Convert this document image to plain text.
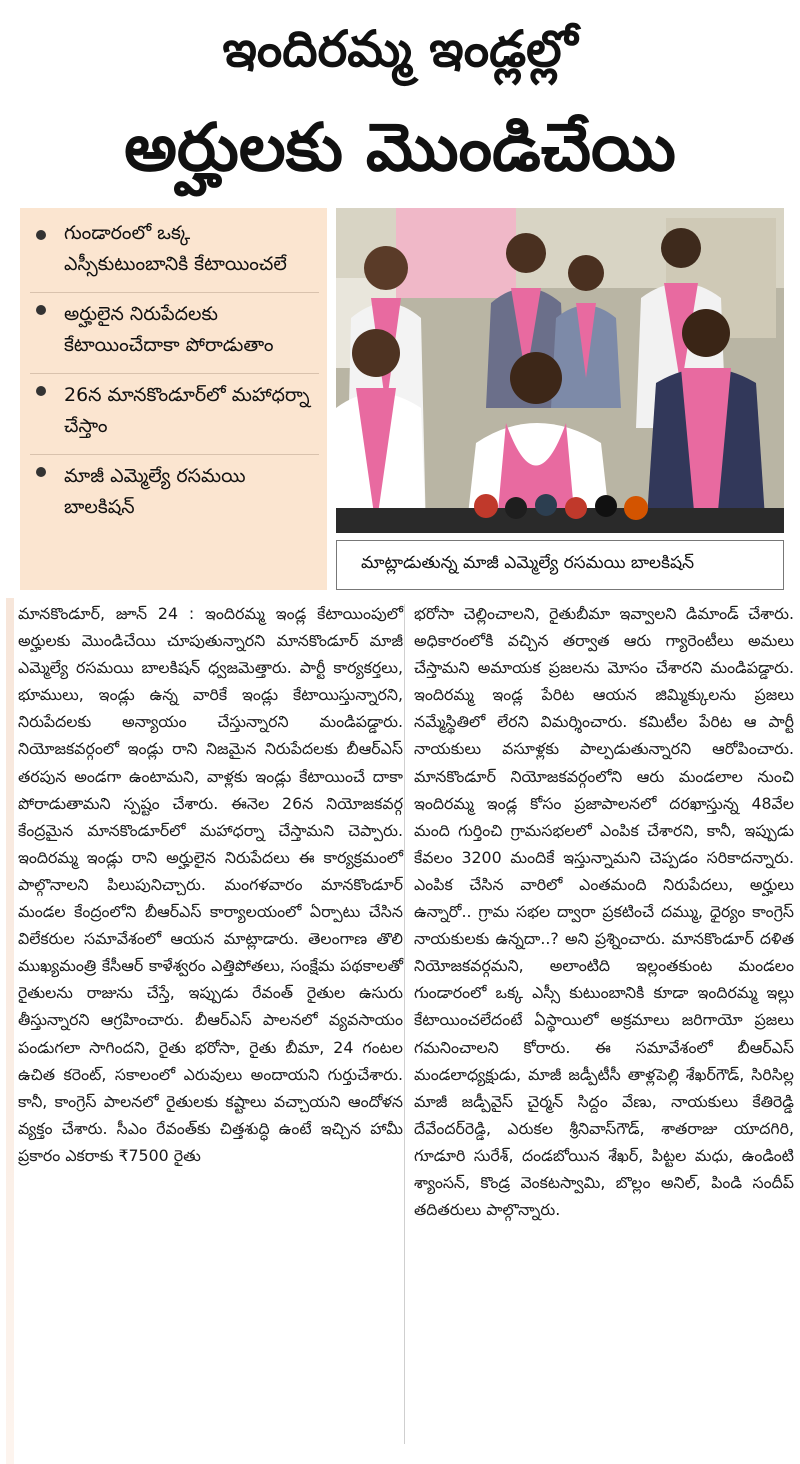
ఇందిరమ్మ ఇండ్లల్లో
అర్హులకు మొండిచేయి
గుండారంలో ఒక్క ఎస్సీకుటుంబానికి కేటాయించలే
అర్హులైన నిరుపేదలకు కేటాయించేదాకా పోరాడుతాం
26న మానకొండూర్‌లో మహాధర్నా చేస్తాం
మాజీ ఎమ్మెల్యే రసమయి బాలకిషన్
మాట్లాడుతున్న మాజీ ఎమ్మెల్యే రసమయి బాలకిషన్

మానకొండూర్, జూన్ 24 : ఇందిరమ్మ ఇండ్ల కేటాయింపులో అర్హులకు మొండిచేయి చూపుతున్నారని మానకొండూర్ మాజీ ఎమ్మెల్యే రసమయి బాలకిషన్ ధ్వజమెత్తారు. పార్టీ కార్యకర్తలు, భూములు, ఇండ్లు ఉన్న వారికే ఇండ్లు కేటాయిస్తున్నారని, నిరుపేదలకు అన్యాయం చేస్తున్నారని మండిపడ్డారు. నియోజకవర్గంలో ఇండ్లు రాని నిజమైన నిరుపేదలకు బీఆర్ఎస్ తరపున అండగా ఉంటామని, వాళ్లకు ఇండ్లు కేటాయించే దాకా పోరాడుతామని స్పష్టం చేశారు. ఈనెల 26న నియోజకవర్గ కేంద్రమైన మానకొండూర్‌లో మహాధర్నా చేస్తామని చెప్పారు. ఇందిరమ్మ ఇండ్లు రాని అర్హులైన నిరుపేదలు ఈ కార్యక్రమంలో పాల్గొనాలని పిలుపునిచ్చారు. మంగళవారం మానకొండూర్ మండల కేంద్రంలోని బీఆర్ఎస్ కార్యాలయంలో ఏర్పాటు చేసిన విలేకరుల సమావేశంలో ఆయన మాట్లాడారు. తెలంగాణ తొలి ముఖ్యమంత్రి కేసీఆర్ కాళేశ్వరం ఎత్తిపోతలు, సంక్షేమ పథకాలతో రైతులను రాజును చేస్తే, ఇప్పుడు రేవంత్ రైతుల ఉసురు తీస్తున్నారని ఆగ్రహించారు. బీఆర్ఎస్ పాలనలో వ్యవసాయం పండుగలా సాగిందని, రైతు భరోసా, రైతు బీమా, 24 గంటల ఉచిత కరెంట్, సకాలంలో ఎరువులు అందాయని గుర్తుచేశారు. కానీ, కాంగ్రెస్ పాలనలో రైతులకు కష్టాలు వచ్చాయని ఆందోళన వ్యక్తం చేశారు. సీఎం రేవంత్‌కు చిత్తశుద్ధి ఉంటే ఇచ్చిన హామీ ప్రకారం ఎకరాకు ₹7500 రైతు

భరోసా చెల్లించాలని, రైతుబీమా ఇవ్వాలని డిమాండ్ చేశారు. అధికారంలోకి వచ్చిన తర్వాత ఆరు గ్యారెంటీలు అమలు చేస్తామని అమాయక ప్రజలను మోసం చేశారని మండిపడ్డారు. ఇందిరమ్మ ఇండ్ల పేరిట ఆయన జిమ్మిక్కులను ప్రజలు నమ్మేస్థితిలో లేరని విమర్శించారు. కమిటీల పేరిట ఆ పార్టీ నాయకులు వసూళ్లకు పాల్పడుతున్నారని ఆరోపించారు. మానకొండూర్ నియోజకవర్గంలోని ఆరు మండలాల నుంచి ఇందిరమ్మ ఇండ్ల కోసం ప్రజాపాలనలో దరఖాస్తున్న 48వేల మంది గుర్తించి గ్రామసభలలో ఎంపిక చేశారని, కానీ, ఇప్పుడు కేవలం 3200 మందికే ఇస్తున్నామని చెప్పడం సరికాదన్నారు. ఎంపిక చేసిన వారిలో ఎంతమంది నిరుపేదలు, అర్హులు ఉన్నారో.. గ్రామ సభల ద్వారా ప్రకటించే దమ్ము, ధైర్యం కాంగ్రెస్ నాయకులకు ఉన్నదా..? అని ప్రశ్నించారు. మానకొండూర్ దళిత నియోజకవర్గమని, అలాంటిది ఇల్లంతకుంట మండలం గుండారంలో ఒక్క ఎస్సీ కుటుంబానికి కూడా ఇందిరమ్మ ఇల్లు కేటాయించలేదంటే ఏస్థాయిలో అక్రమాలు జరిగాయో ప్రజలు గమనించాలని కోరారు. ఈ సమావేశంలో బీఆర్ఎస్ మండలాధ్యక్షుడు, మాజీ జడ్పీటీసీ తాళ్లపెల్లి శేఖర్‌గౌడ్, సిరిసిల్ల మాజీ జడ్పీవైస్ చైర్మన్ సిద్దం వేణు, నాయకులు కేతిరెడ్డి దేవేందర్‌రెడ్డి, ఎరుకల శ్రీనివాస్‌గౌడ్, శాతరాజు యాదగిరి, గూడూరి సురేశ్, దండబోయిన శేఖర్, పిట్టల మధు, ఉండింటి శ్యాంసన్, కొండ్ర వెంకటస్వామి, బొల్లం అనిల్, పిండి సందీప్ తదితరులు పాల్గొన్నారు.
